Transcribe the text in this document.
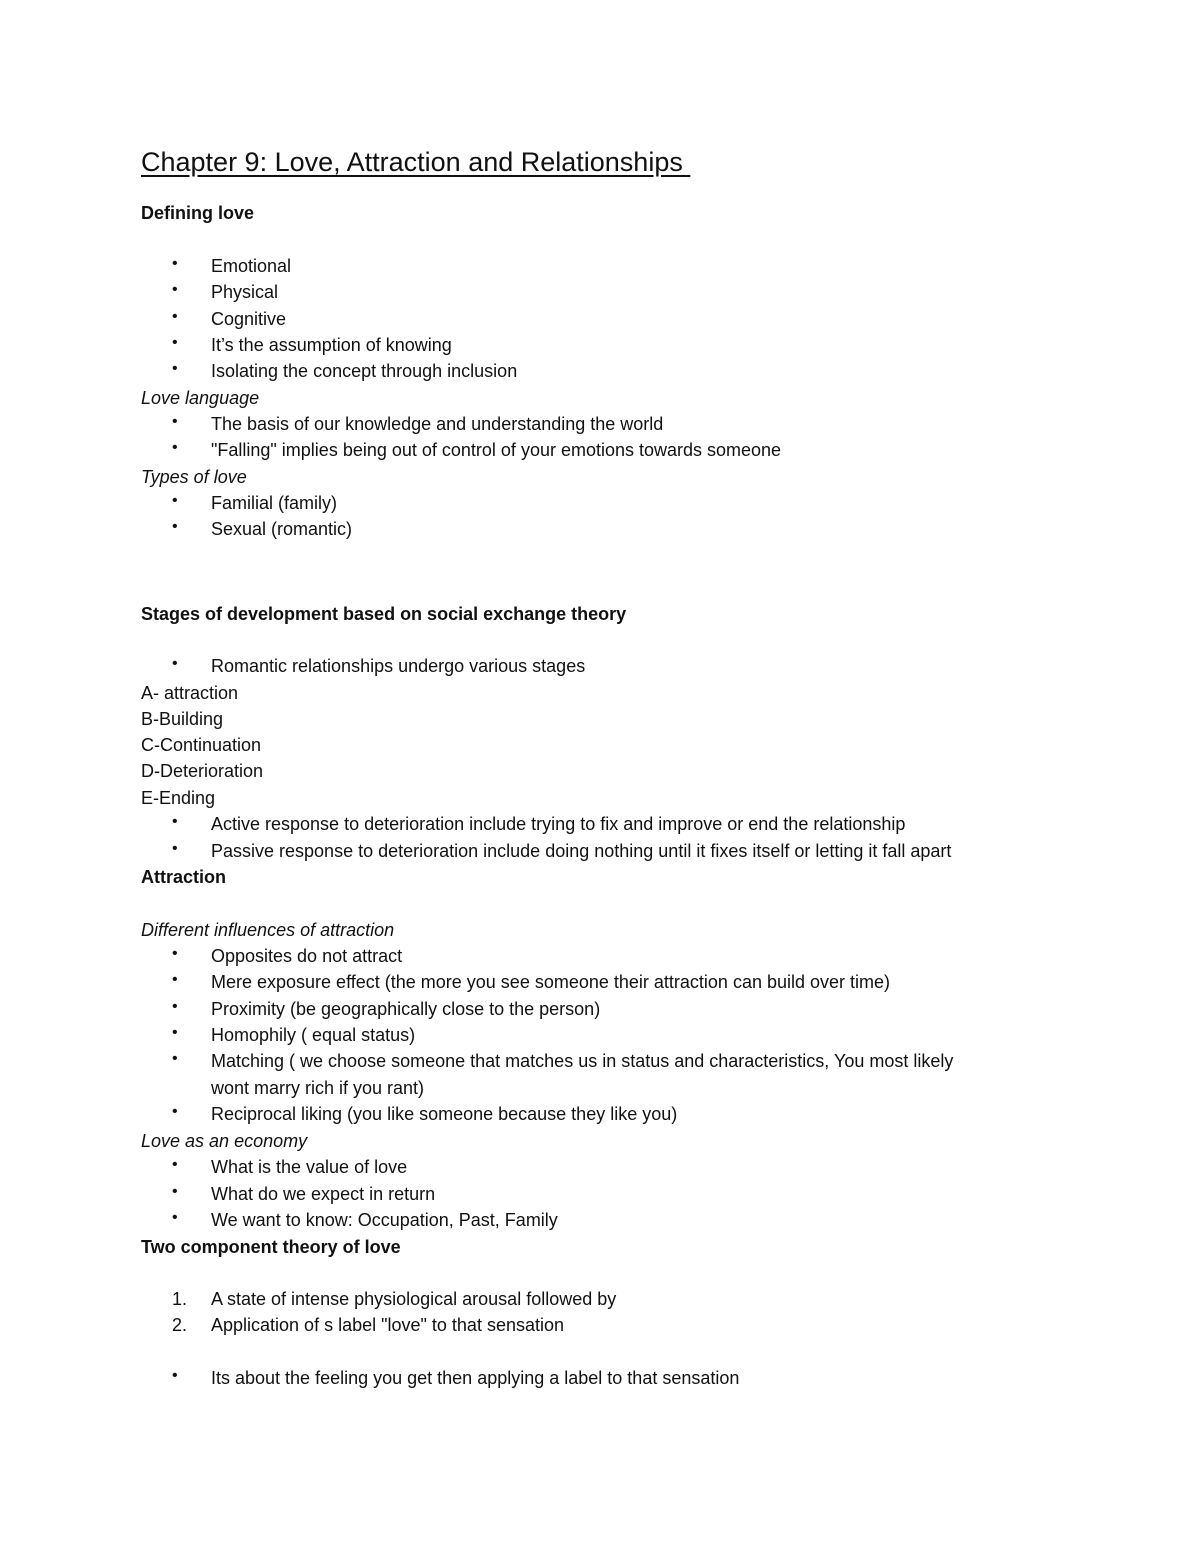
Chapter 9: Love, Attraction and Relationships
Defining love
•
Emotional
•
Physical
•
Cognitive
•
It’s the assumption of knowing
•
Isolating the concept through inclusion
Love language
•
The basis of our knowledge and understanding the world
•
"Falling" implies being out of control of your emotions towards someone
Types of love
•
Familial (family)
•
Sexual (romantic)
Stages of development based on social exchange theory
•
Romantic relationships undergo various stages
A- attraction
B-Building
C-Continuation
D-Deterioration
E-Ending
•
Active response to deterioration include trying to fix and improve or end the relationship
•
Passive response to deterioration include doing nothing until it fixes itself or letting it fall apart
Attraction
Different influences of attraction
•
Opposites do not attract
•
Mere exposure effect (the more you see someone their attraction can build over time)
•
Proximity (be geographically close to the person)
•
Homophily ( equal status)
•
Matching ( we choose someone that matches us in status and characteristics, You most likely
wont marry rich if you rant)
•
Reciprocal liking (you like someone because they like you)
Love as an economy
•
What is the value of love
•
What do we expect in return
•
We want to know: Occupation, Past, Family
Two component theory of love
1. A state of intense physiological arousal followed by
2. Application of s label "love" to that sensation
•
Its about the feeling you get then applying a label to that sensation
